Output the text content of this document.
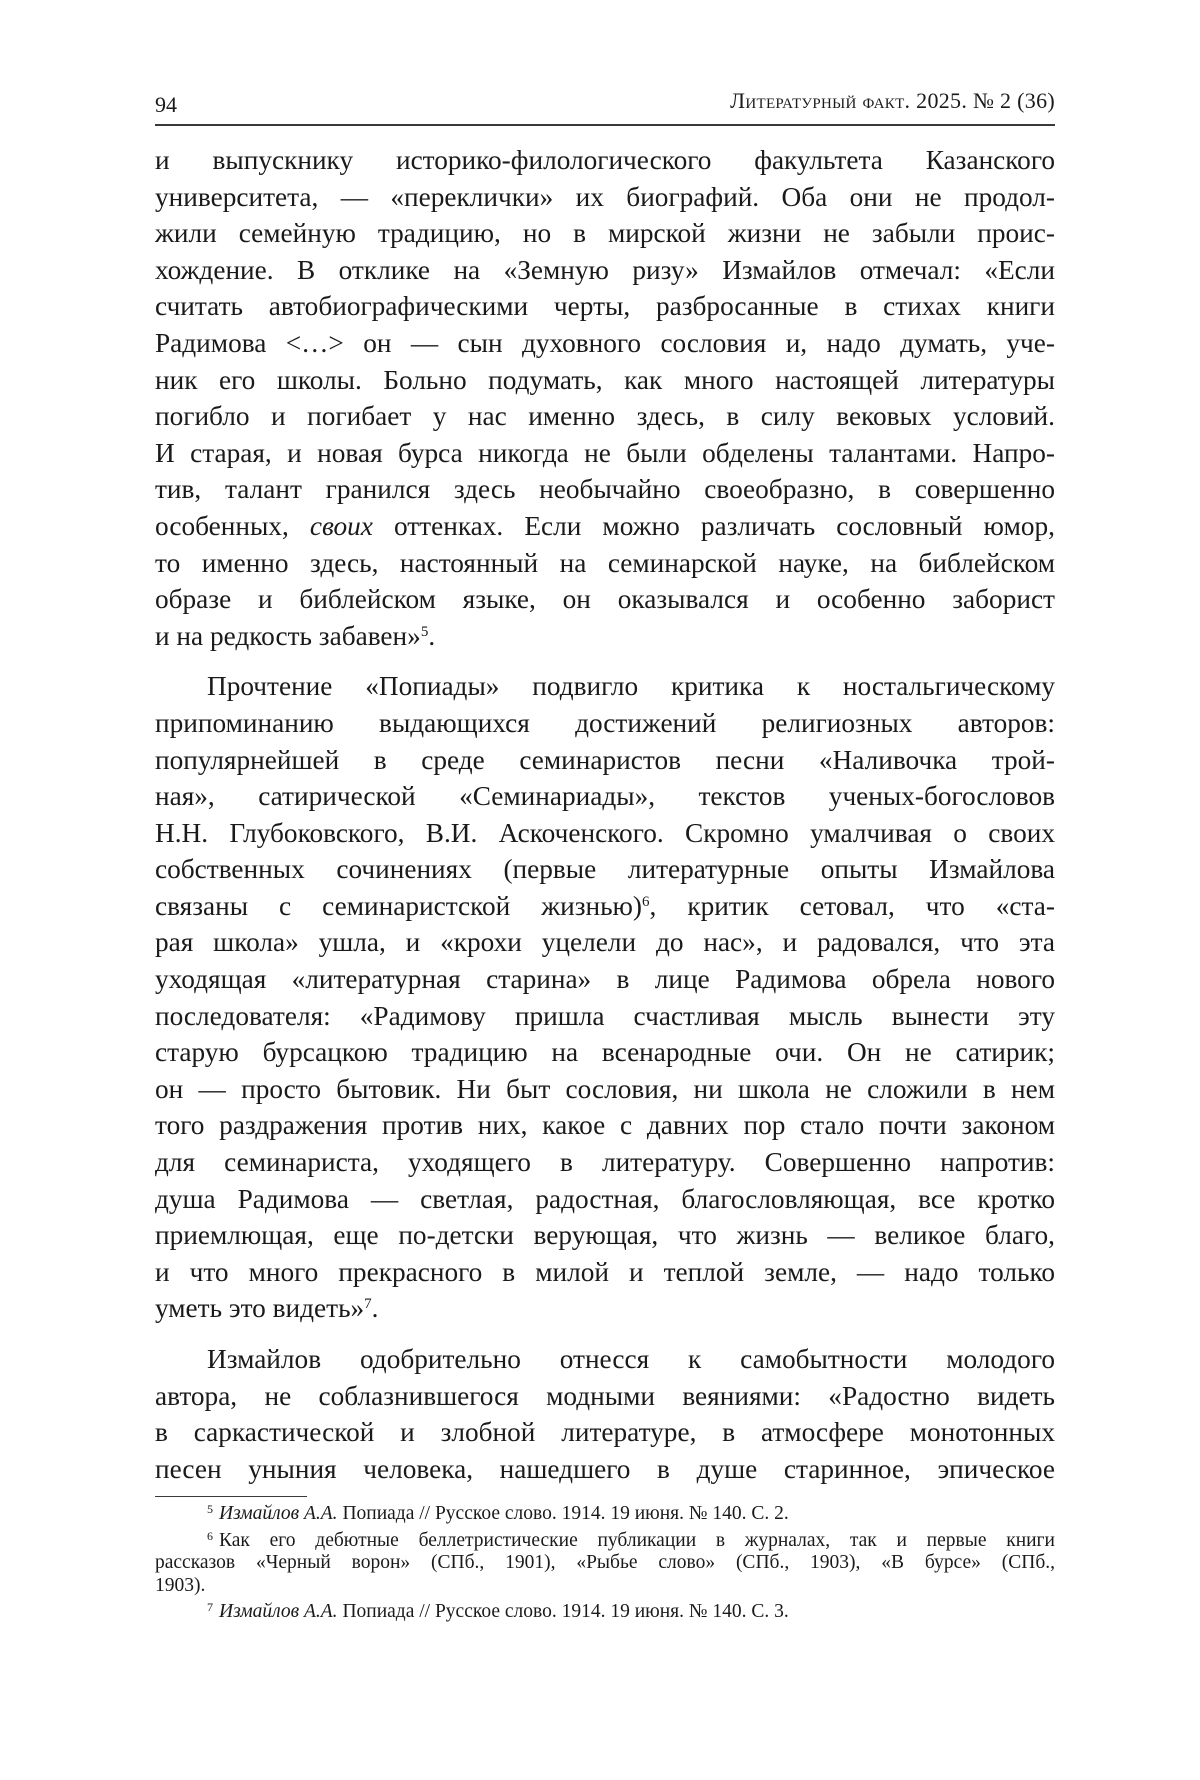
94	Литературный факт. 2025. № 2 (36)
и выпускнику историко-филологического факультета Казанского
университета, — «переклички» их биографий. Оба они не продол-
жили семейную традицию, но в мирской жизни не забыли проис-
хождение. В отклике на «Земную ризу» Измайлов отмечал: «Если
считать автобиографическими черты, разбросанные в стихах книги
Радимова <…> он — сын духовного сословия и, надо думать, уче-
ник его школы. Больно подумать, как много настоящей литературы
погибло и погибает у нас именно здесь, в силу вековых условий.
И старая, и новая бурса никогда не были обделены талантами. Напро-
тив, талант гранился здесь необычайно своеобразно, в совершенно
особенных, своих оттенках. Если можно различать сословный юмор,
то именно здесь, настоянный на семинарской науке, на библейском
образе и библейском языке, он оказывался и особенно заборист
и на редкость забавен»$^5$.
Прочтение «Попиады» подвигло критика к ностальгическому
припоминанию выдающихся достижений религиозных авторов:
популярнейшей в среде семинаристов песни «Наливочка трой-
ная», сатирической «Семинариады», текстов ученых-богословов
Н.Н. Глубоковского, В.И. Аскоченского. Скромно умалчивая о своих
собственных сочинениях (первые литературные опыты Измайлова
связаны с семинаристской жизнью)$^6$, критик сетовал, что «ста-
рая школа» ушла, и «крохи уцелели до нас», и радовался, что эта
уходящая «литературная старина» в лице Радимова обрела нового
последователя: «Радимову пришла счастливая мысль вынести эту
старую бурсацкою традицию на всенародные очи. Он не сатирик;
он — просто бытовик. Ни быт сословия, ни школа не сложили в нем
того раздражения против них, какое с давних пор стало почти законом
для семинариста, уходящего в литературу. Совершенно напротив:
душа Радимова — светлая, радостная, благословляющая, все кротко
приемлющая, еще по-детски верующая, что жизнь — великое благо,
и что много прекрасного в милой и теплой земле, — надо только
уметь это видеть»$^7$.
Измайлов одобрительно отнесся к самобытности молодого
автора, не соблазнившегося модными веяниями: «Радостно видеть
в саркастической и злобной литературе, в атмосфере монотонных
песен уныния человека, нашедшего в душе старинное, эпическое
$^5$ Измайлов А.А. Попиада // Русское слово. 1914. 19 июня. № 140. С. 2.
$^6$ Как его дебютные беллетристические публикации в журналах, так и первые книги
рассказов «Черный ворон» (СПб., 1901), «Рыбье слово» (СПб., 1903), «В бурсе» (СПб.,
1903).
$^7$ Измайлов А.А. Попиада // Русское слово. 1914. 19 июня. № 140. С. 3.
